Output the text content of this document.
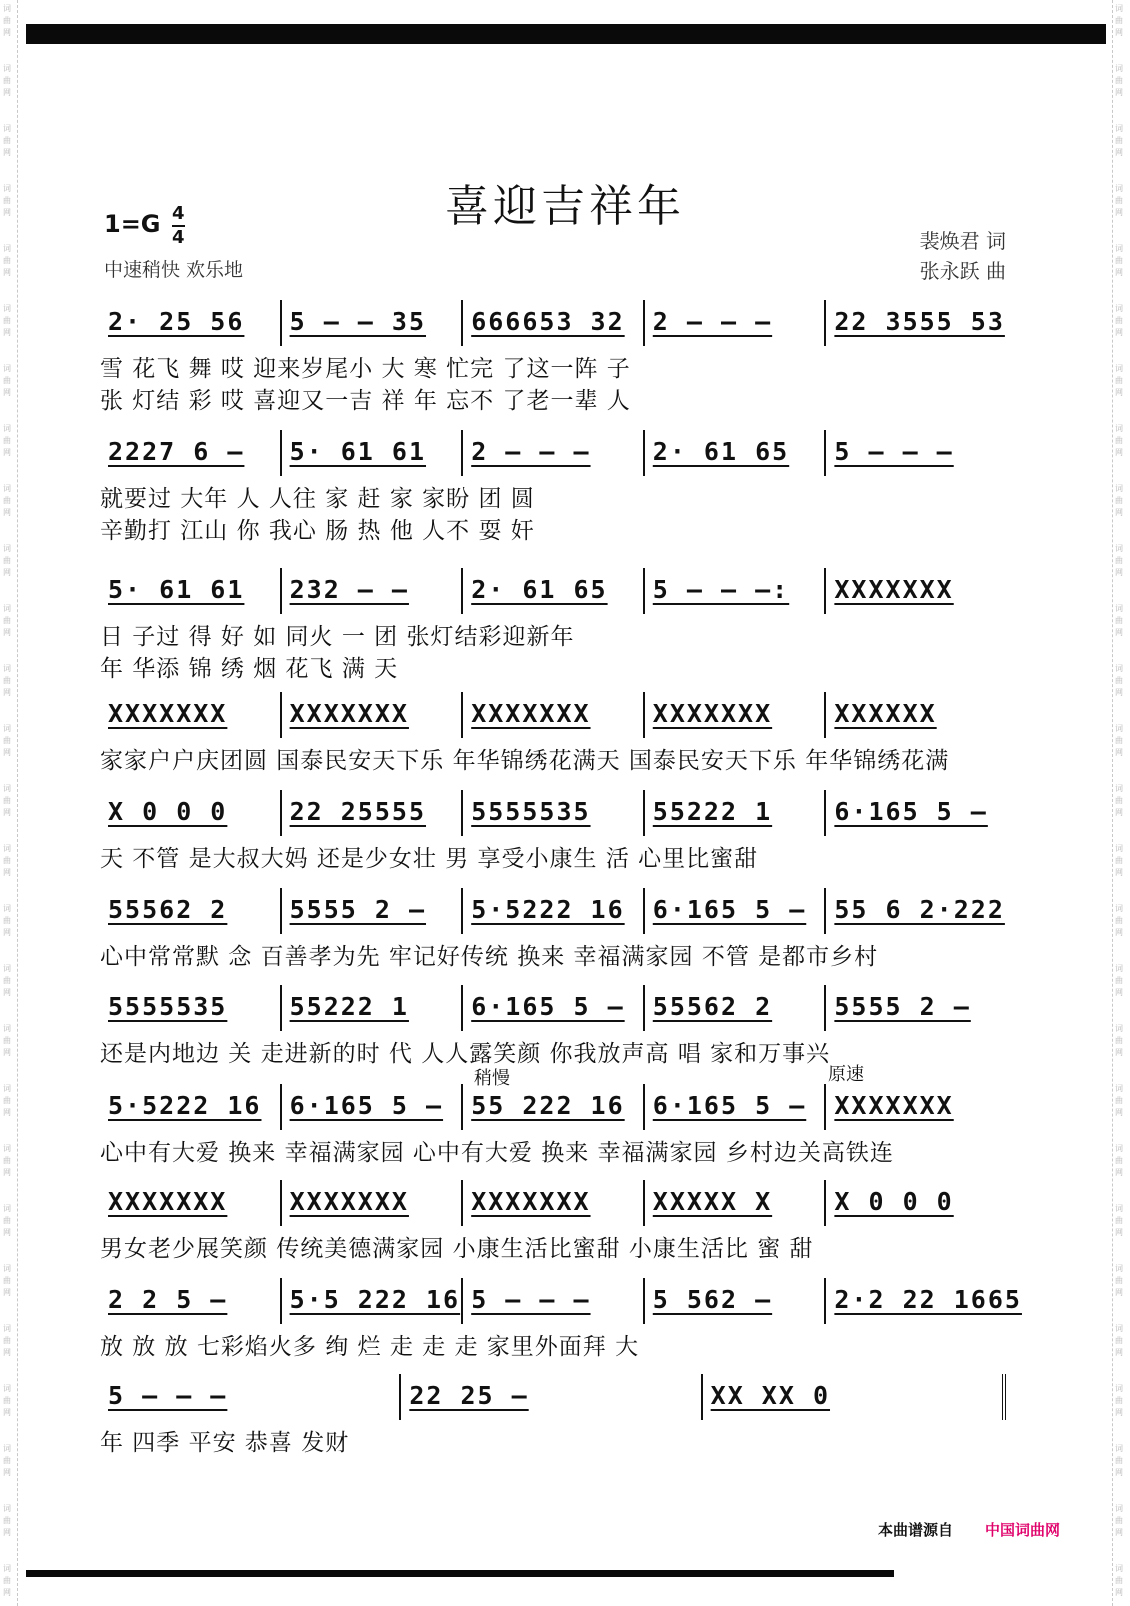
词
曲
网
词
曲
网
词
曲
网
词
曲
网
词
曲
网
词
曲
网
词
曲
网
词
曲
网
词
曲
网
词
曲
网
词
曲
网
词
曲
网
词
曲
网
词
曲
网
词
曲
网
词
曲
网
词
曲
网
词
曲
网
词
曲
网
词
曲
网
词
曲
网
词
曲
网
词
曲
网
词
曲
网
词
曲
网
词
曲
网
词
曲
网
词
曲
网
词
曲
网
词
曲
网
词
曲
网
词
曲
网
词
曲
网
词
曲
网
词
曲
网
词
曲
网
词
曲
网
词
曲
网
词
曲
网
词
曲
网
词
曲
网
词
曲
网
词
曲
网
词
曲
网
词
曲
网
词
曲
网
词
曲
网
词
曲
网
词
曲
网
词
曲
网
词
曲
网
词
曲
网
词
曲
网
词
曲
网
喜迎吉祥年
1=G 4
4
中速稍快 欢乐地
裴焕君 词
张永跃 曲
2· 25 56	5 – – 35	666653 32	2 – – –	22 3555 53
雪 花飞 舞 哎 迎来岁尾小 大 寒 忙完 了这一阵 子
张 灯结 彩 哎 喜迎又一吉 祥 年 忘不 了老一辈 人
2227 6 –	5· 61 61	2 – – –	2· 61 65	5 – – –
就要过 大年 人 人往 家 赶 家 家盼 团 圆
辛勤打 江山 你 我心 肠 热 他 人不 耍 奸
5· 61 61	232 – –	2· 61 65	5 – – –:	XXXXXXX
日 子过 得 好 如 同火 一 团 张灯结彩迎新年
年 华添 锦 绣 烟 花飞 满 天
XXXXXXX	XXXXXXX	XXXXXXX	XXXXXXX	XXXXXX
家家户户庆团圆 国泰民安天下乐 年华锦绣花满天 国泰民安天下乐 年华锦绣花满
X 0 0 0	22 25555	5555535	55222 1	6·165 5 –
天 不管 是大叔大妈 还是少女壮 男 享受小康生 活 心里比蜜甜
55562 2	5555 2 –	5·5222 16	6·165 5 –	55 6 2·222
心中常常默 念 百善孝为先 牢记好传统 换来 幸福满家园 不管 是都市乡村
5555535	55222 1	6·165 5 –	55562 2	5555 2 –
还是内地边 关 走进新的时 代 人人露笑颜 你我放声高 唱 家和万事兴
5·5222 16	6·165 5 –	55 222 16	6·165 5 –	XXXXXXX
心中有大爱 换来 幸福满家园 心中有大爱 换来 幸福满家园 乡村边关高铁连
XXXXXXX	XXXXXXX	XXXXXXX	XXXXX X	X 0 0 0
男女老少展笑颜 传统美德满家园 小康生活比蜜甜 小康生活比 蜜 甜
2 2 5 –	5·5 222 16 5 – – –	5 562 –	2·2 22 1665
放 放 放 七彩焰火多 绚 烂 走 走 走 家里外面拜 大
5 – – –	22 25 –	XX XX 0
年 四季 平安 恭喜 发财
稍慢	原速
本曲谱源自 中国词曲网
